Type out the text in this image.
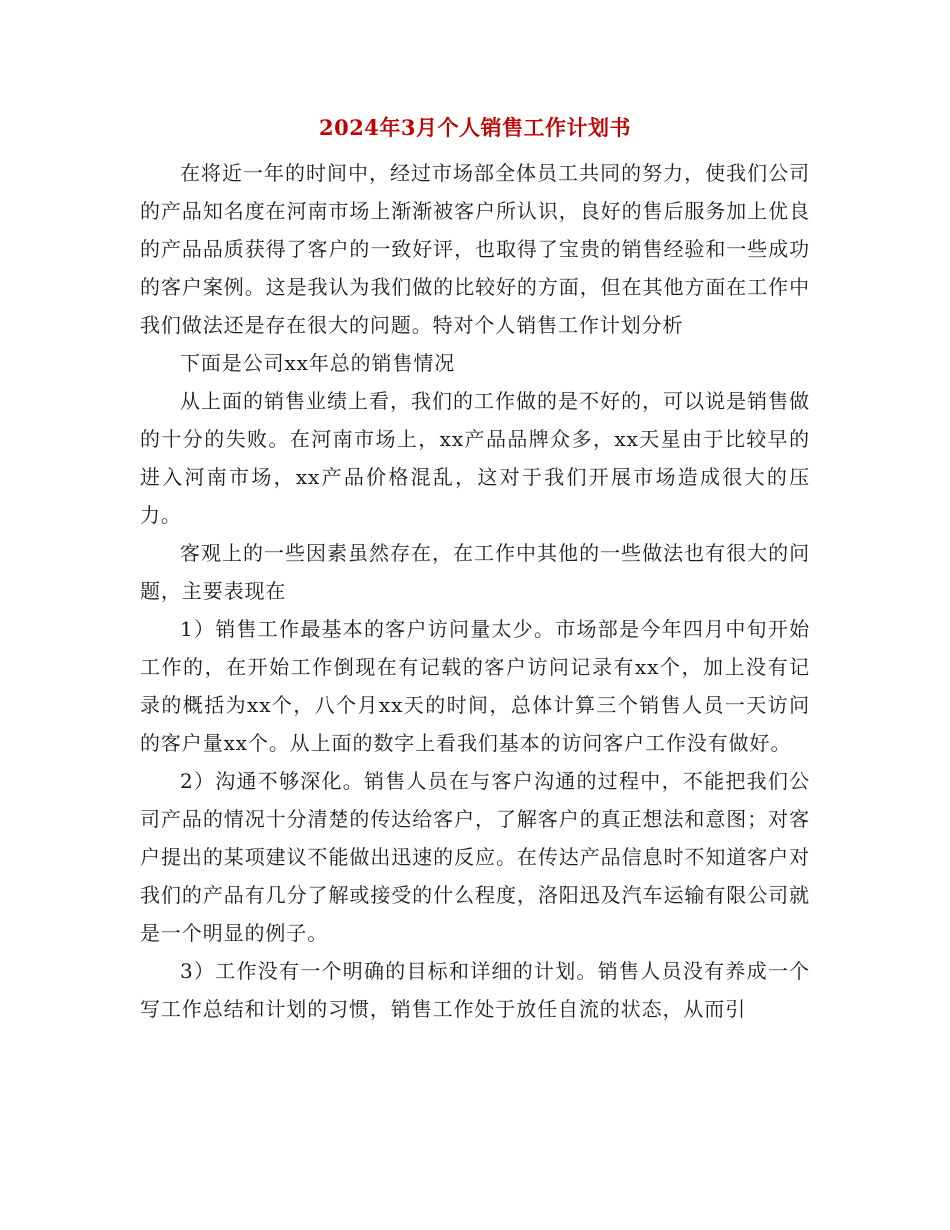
2024年3月个人销售工作计划书

在将近一年的时间中，经过市场部全体员工共同的努力，使我们公司的产品知名度在河南市场上渐渐被客户所认识，良好的售后服务加上优良的产品品质获得了客户的一致好评，也取得了宝贵的销售经验和一些成功的客户案例。这是我认为我们做的比较好的方面，但在其他方面在工作中我们做法还是存在很大的问题。特对个人销售工作计划分析

下面是公司xx年总的销售情况

从上面的销售业绩上看，我们的工作做的是不好的，可以说是销售做的十分的失败。在河南市场上，xx产品品牌众多，xx天星由于比较早的进入河南市场，xx产品价格混乱，这对于我们开展市场造成很大的压力。

客观上的一些因素虽然存在，在工作中其他的一些做法也有很大的问题，主要表现在

1）销售工作最基本的客户访问量太少。市场部是今年四月中旬开始工作的，在开始工作倒现在有记载的客户访问记录有xx个，加上没有记录的概括为xx个，八个月xx天的时间，总体计算三个销售人员一天访问的客户量xx个。从上面的数字上看我们基本的访问客户工作没有做好。

2）沟通不够深化。销售人员在与客户沟通的过程中，不能把我们公司产品的情况十分清楚的传达给客户，了解客户的真正想法和意图；对客户提出的某项建议不能做出迅速的反应。在传达产品信息时不知道客户对我们的产品有几分了解或接受的什么程度，洛阳迅及汽车运输有限公司就是一个明显的例子。

3）工作没有一个明确的目标和详细的计划。销售人员没有养成一个写工作总结和计划的习惯，销售工作处于放任自流的状态，从而引
